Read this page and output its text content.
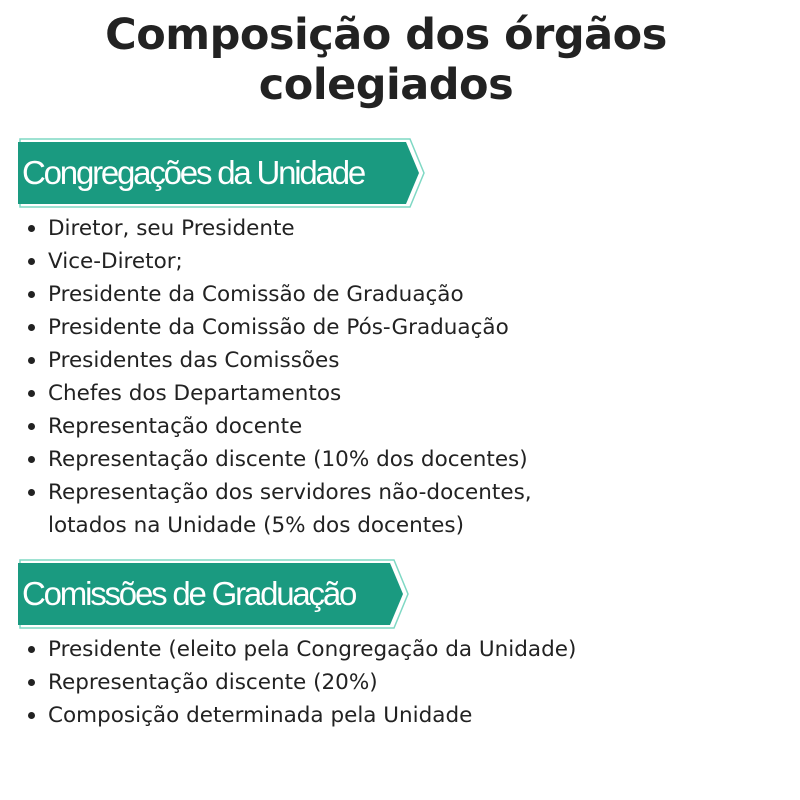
Composição dos órgãos
colegiados
Congregações da Unidade
Diretor, seu Presidente
Vice-Diretor;
Presidente da Comissão de Graduação
Presidente da Comissão de Pós-Graduação
Presidentes das Comissões
Chefes dos Departamentos
Representação docente
Representação discente (10% dos docentes)
Representação dos servidores não-docentes,
lotados na Unidade (5% dos docentes)
Comissões de Graduação
Presidente (eleito pela Congregação da Unidade)
Representação discente (20%)
Composição determinada pela Unidade
